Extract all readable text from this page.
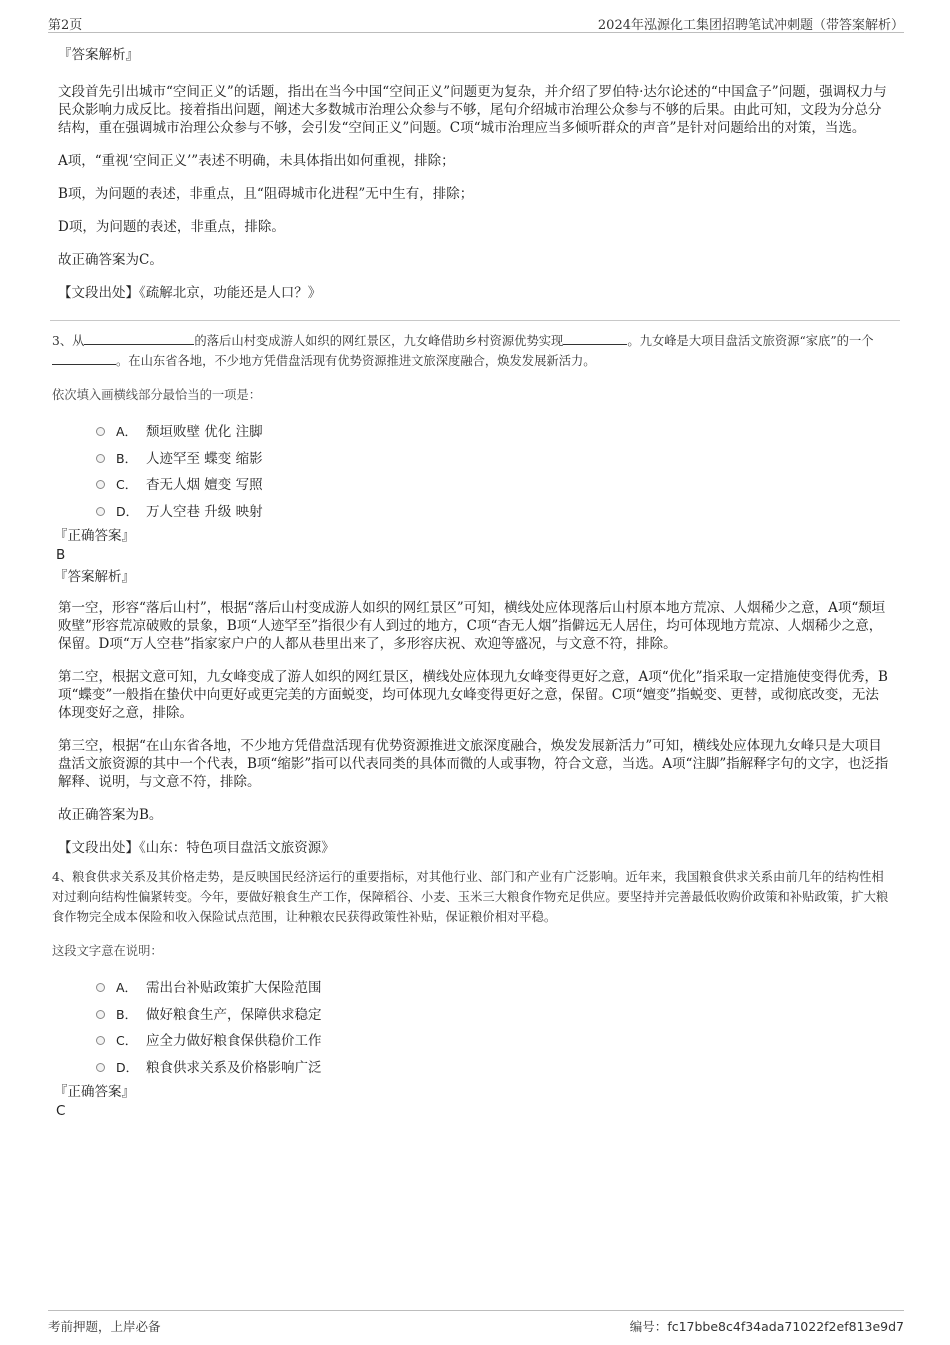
第2页	2024年泓源化工集团招聘笔试冲刺题（带答案解析）
『答案解析』

文段首先引出城市“空间正义”的话题，指出在当今中国“空间正义”问题更为复杂，并介绍了罗伯特·达尔论述的“中国盒子”问题，强调权力与民众影响力成反比。接着指出问题，阐述大多数城市治理公众参与不够，尾句介绍城市治理公众参与不够的后果。由此可知，文段为分总分结构，重在强调城市治理公众参与不够，会引发“空间正义”问题。C项“城市治理应当多倾听群众的声音”是针对问题给出的对策，当选。

A项，“重视‘空间正义’”表述不明确，未具体指出如何重视，排除；

B项，为问题的表述，非重点，且“阻碍城市化进程”无中生有，排除；

D项，为问题的表述，非重点，排除。

故正确答案为C。

【文段出处】《疏解北京，功能还是人口？》

3、从	的落后山村变成游人如织的网红景区，九女峰借助乡村资源优势实现	。九女峰是大项目盘活文旅资源“家底”的一个。在山东省各地，不少地方凭借盘活现有优势资源推进文旅深度融合，焕发发展新活力。

依次填入画横线部分最恰当的一项是：

A． 颓垣败壁 优化 注脚
B． 人迹罕至 蝶变 缩影
C． 杳无人烟 嬗变 写照
D． 万人空巷 升级 映射

『正确答案』

B

『答案解析』

第一空，形容“落后山村”，根据“落后山村变成游人如织的网红景区”可知，横线处应体现落后山村原本地方荒凉、人烟稀少之意，A项“颓垣败壁”形容荒凉破败的景象，B项“人迹罕至”指很少有人到过的地方，C项“杳无人烟”指僻远无人居住，均可体现地方荒凉、人烟稀少之意，保留。D项“万人空巷”指家家户户的人都从巷里出来了，多形容庆祝、欢迎等盛况，与文意不符，排除。

第二空，根据文意可知，九女峰变成了游人如织的网红景区，横线处应体现九女峰变得更好之意，A项“优化”指采取一定措施使变得优秀，B项“蝶变”一般指在蛰伏中向更好或更完美的方面蜕变，均可体现九女峰变得更好之意，保留。C项“嬗变”指蜕变、更替，或彻底改变，无法体现变好之意，排除。

第三空，根据“在山东省各地，不少地方凭借盘活现有优势资源推进文旅深度融合，焕发发展新活力”可知，横线处应体现九女峰只是大项目盘活文旅资源的其中一个代表，B项“缩影”指可以代表同类的具体而微的人或事物，符合文意，当选。A项“注脚”指解释字句的文字，也泛指解释、说明，与文意不符，排除。

故正确答案为B。

【文段出处】《山东：特色项目盘活文旅资源》

4、粮食供求关系及其价格走势，是反映国民经济运行的重要指标，对其他行业、部门和产业有广泛影响。近年来，我国粮食供求关系由前几年的结构性相对过剩向结构性偏紧转变。今年，要做好粮食生产工作，保障稻谷、小麦、玉米三大粮食作物充足供应。要坚持并完善最低收购价政策和补贴政策，扩大粮食作物完全成本保险和收入保险试点范围，让种粮农民获得政策性补贴，保证粮价相对平稳。

这段文字意在说明：

A． 需出台补贴政策扩大保险范围
B． 做好粮食生产，保障供求稳定
C． 应全力做好粮食保供稳价工作
D． 粮食供求关系及价格影响广泛

『正确答案』

C

考前押题，上岸必备	编号：fc17bbe8c4f34ada71022f2ef813e9d7
